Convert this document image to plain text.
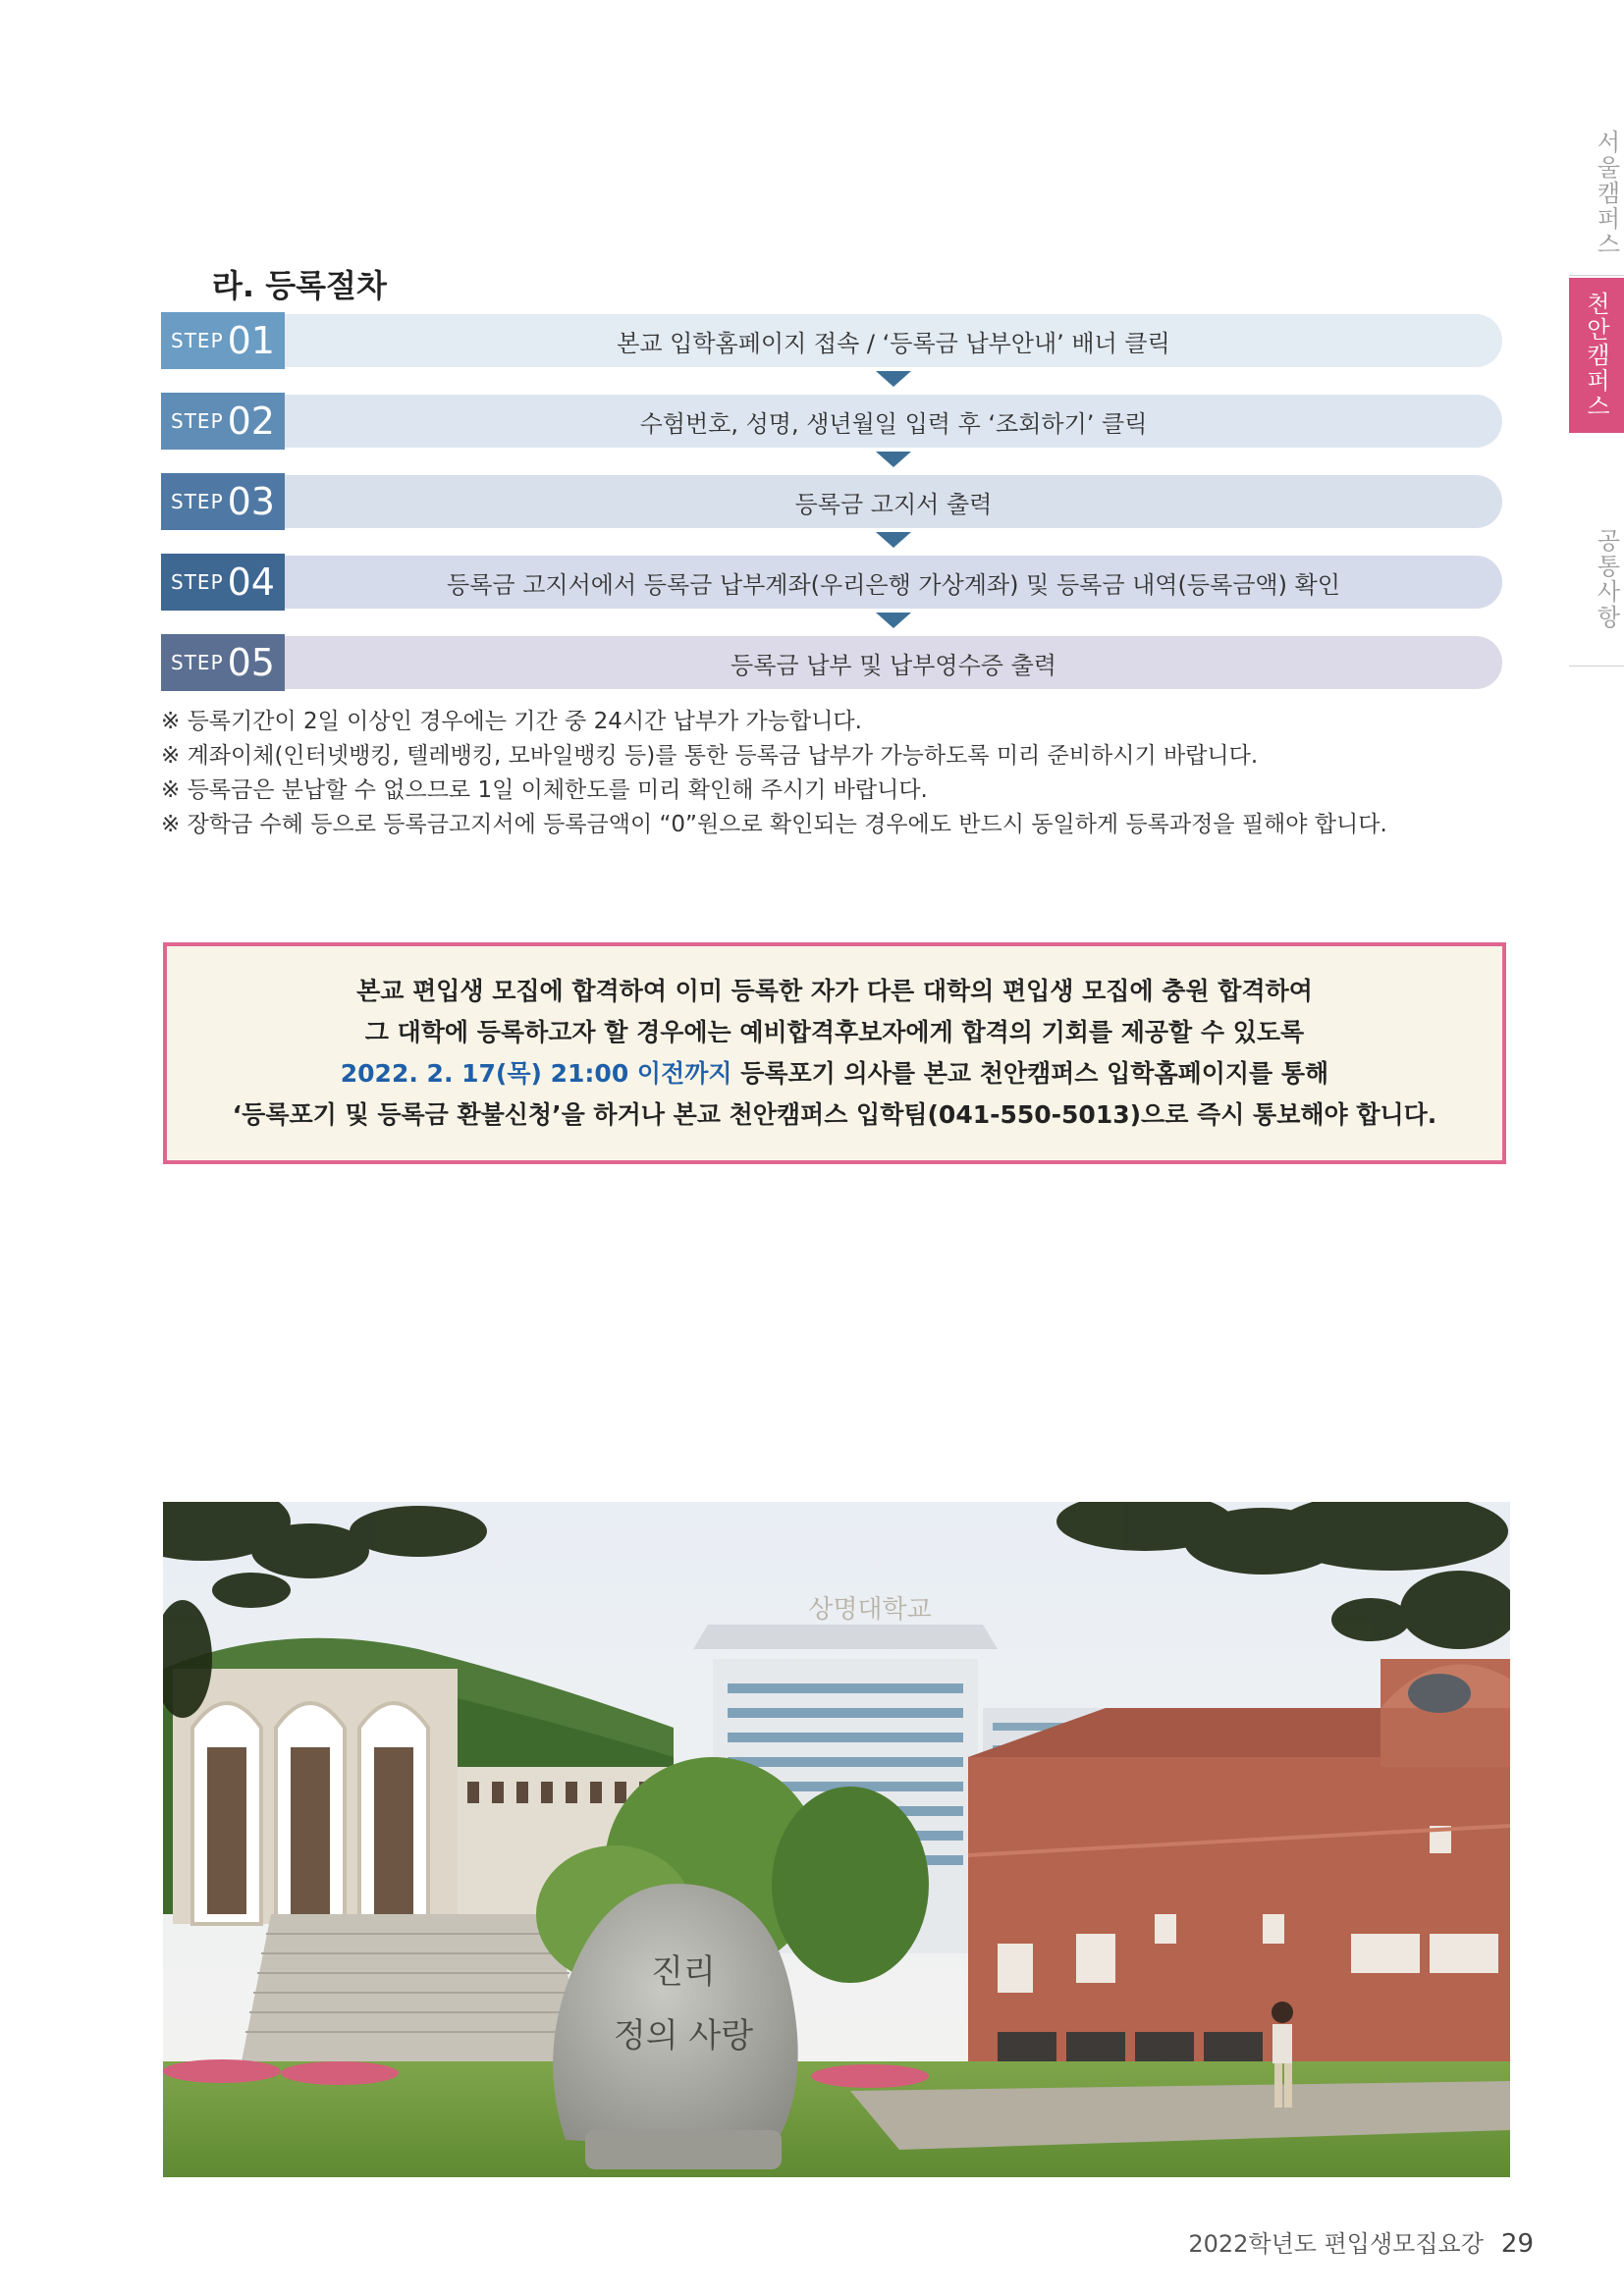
서울캠퍼스
천안캠퍼스
공통사항
라. 등록절차
STEP 01	본교 입학홈페이지 접속 / ‘등록금 납부안내’ 배너 클릭
STEP 02	수험번호, 성명, 생년월일 입력 후 ‘조회하기’ 클릭
STEP 03	등록금 고지서 출력
STEP 04	등록금 고지서에서 등록금 납부계좌(우리은행 가상계좌) 및 등록금 내역(등록금액) 확인
STEP 05	등록금 납부 및 납부영수증 출력
※ 등록기간이 2일 이상인 경우에는 기간 중 24시간 납부가 가능합니다.
※ 계좌이체(인터넷뱅킹, 텔레뱅킹, 모바일뱅킹 등)를 통한 등록금 납부가 가능하도록 미리 준비하시기 바랍니다.
※ 등록금은 분납할 수 없으므로 1일 이체한도를 미리 확인해 주시기 바랍니다.
※ 장학금 수혜 등으로 등록금고지서에 등록금액이 “0”원으로 확인되는 경우에도 반드시 동일하게 등록과정을 필해야 합니다.
본교 편입생 모집에 합격하여 이미 등록한 자가 다른 대학의 편입생 모집에 충원 합격하여
그 대학에 등록하고자 할 경우에는 예비합격후보자에게 합격의 기회를 제공할 수 있도록
2022. 2. 17(목) 21:00 이전까지 등록포기 의사를 본교 천안캠퍼스 입학홈페이지를 통해
‘등록포기 및 등록금 환불신청’을 하거나 본교 천안캠퍼스 입학팀(041-550-5013)으로 즉시 통보해야 합니다.
상명대학교
진리
정의 사랑
2022학년도 편입생모집요강 29
